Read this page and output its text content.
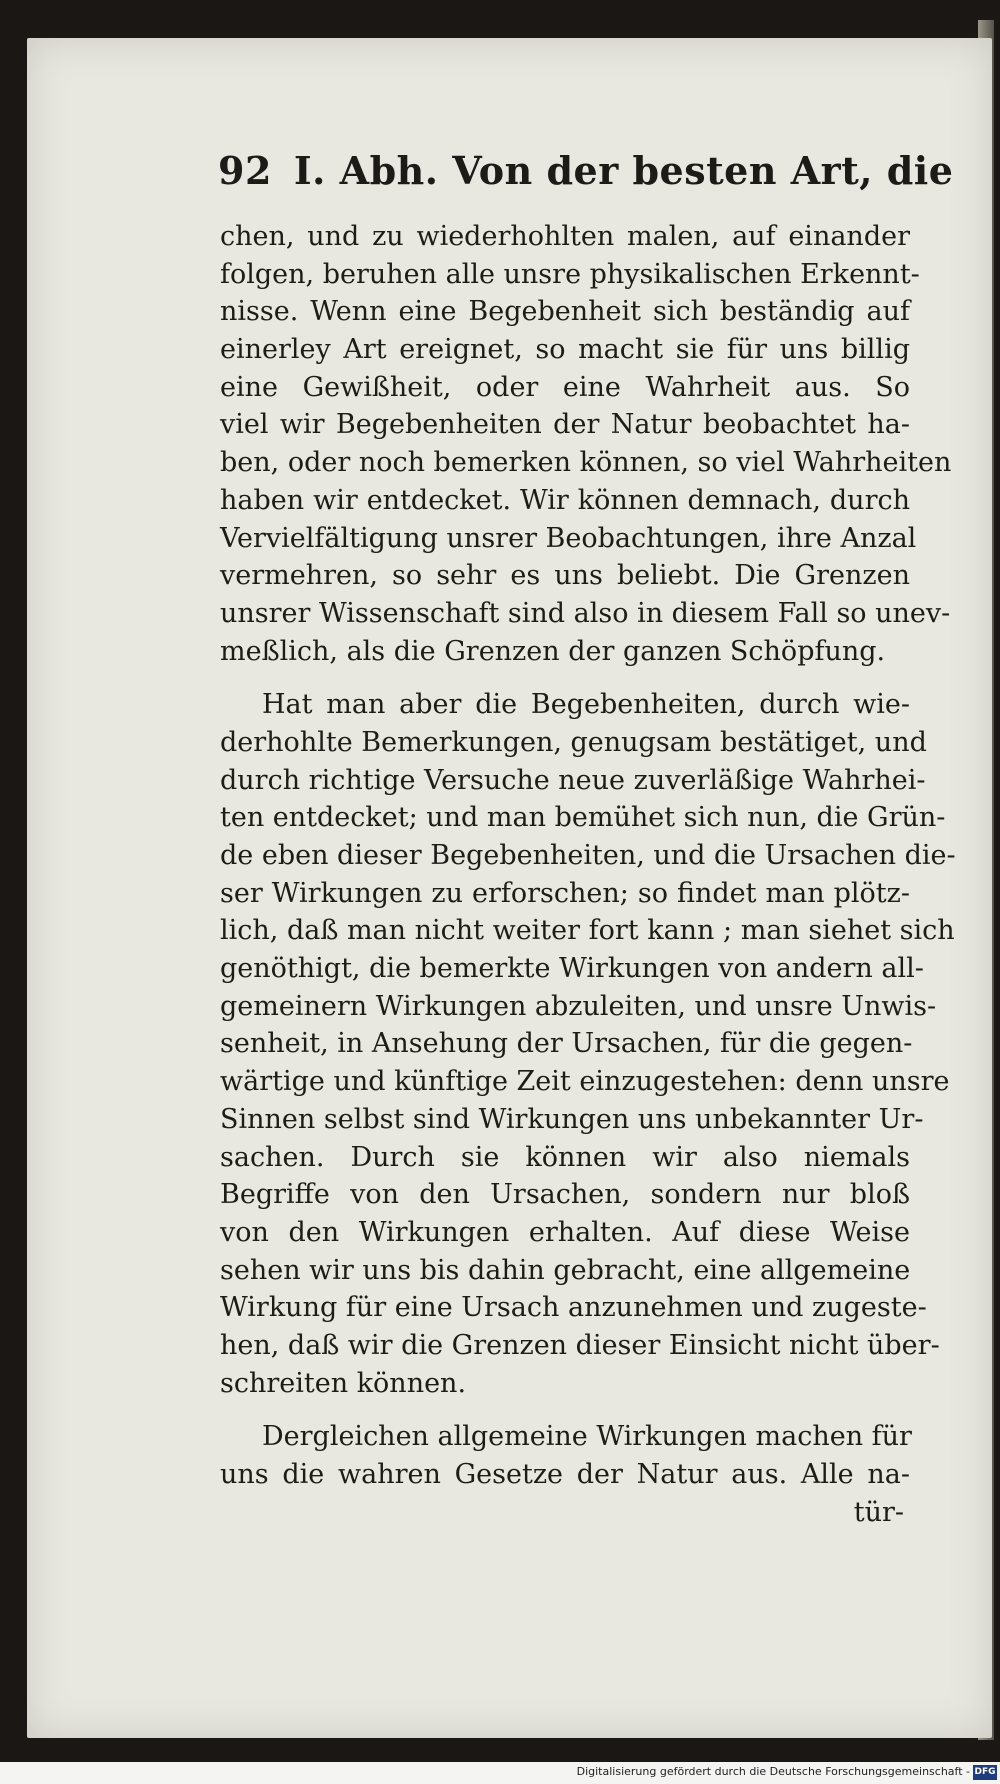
92 I. Abh. Von der besten Art, die
chen, und zu wiederhohlten malen, auf einander
folgen, beruhen alle unsre physikalischen Erkennt-
nisse. Wenn eine Begebenheit sich beständig auf
einerley Art ereignet, so macht sie für uns billig
eine Gewißheit, oder eine Wahrheit aus. So
viel wir Begebenheiten der Natur beobachtet ha-
ben, oder noch bemerken können, so viel Wahrheiten
haben wir entdecket. Wir können demnach, durch
Vervielfältigung unsrer Beobachtungen, ihre Anzal
vermehren, so sehr es uns beliebt. Die Grenzen
unsrer Wissenschaft sind also in diesem Fall so unev-
meßlich, als die Grenzen der ganzen Schöpfung.
Hat man aber die Begebenheiten, durch wie-
derhohlte Bemerkungen, genugsam bestätiget, und
durch richtige Versuche neue zuverläßige Wahrhei-
ten entdecket; und man bemühet sich nun, die Grün-
de eben dieser Begebenheiten, und die Ursachen die-
ser Wirkungen zu erforschen; so findet man plötz-
lich, daß man nicht weiter fort kann ; man siehet sich
genöthigt, die bemerkte Wirkungen von andern all-
gemeinern Wirkungen abzuleiten, und unsre Unwis-
senheit, in Ansehung der Ursachen, für die gegen-
wärtige und künftige Zeit einzugestehen: denn unsre
Sinnen selbst sind Wirkungen uns unbekannter Ur-
sachen. Durch sie können wir also niemals
Begriffe von den Ursachen, sondern nur bloß
von den Wirkungen erhalten. Auf diese Weise
sehen wir uns bis dahin gebracht, eine allgemeine
Wirkung für eine Ursach anzunehmen und zugeste-
hen, daß wir die Grenzen dieser Einsicht nicht über-
schreiten können.
Dergleichen allgemeine Wirkungen machen für
uns die wahren Gesetze der Natur aus. Alle na-
tür-
Digitalisierung gefördert durch die Deutsche Forschungsgemeinschaft - DFG
